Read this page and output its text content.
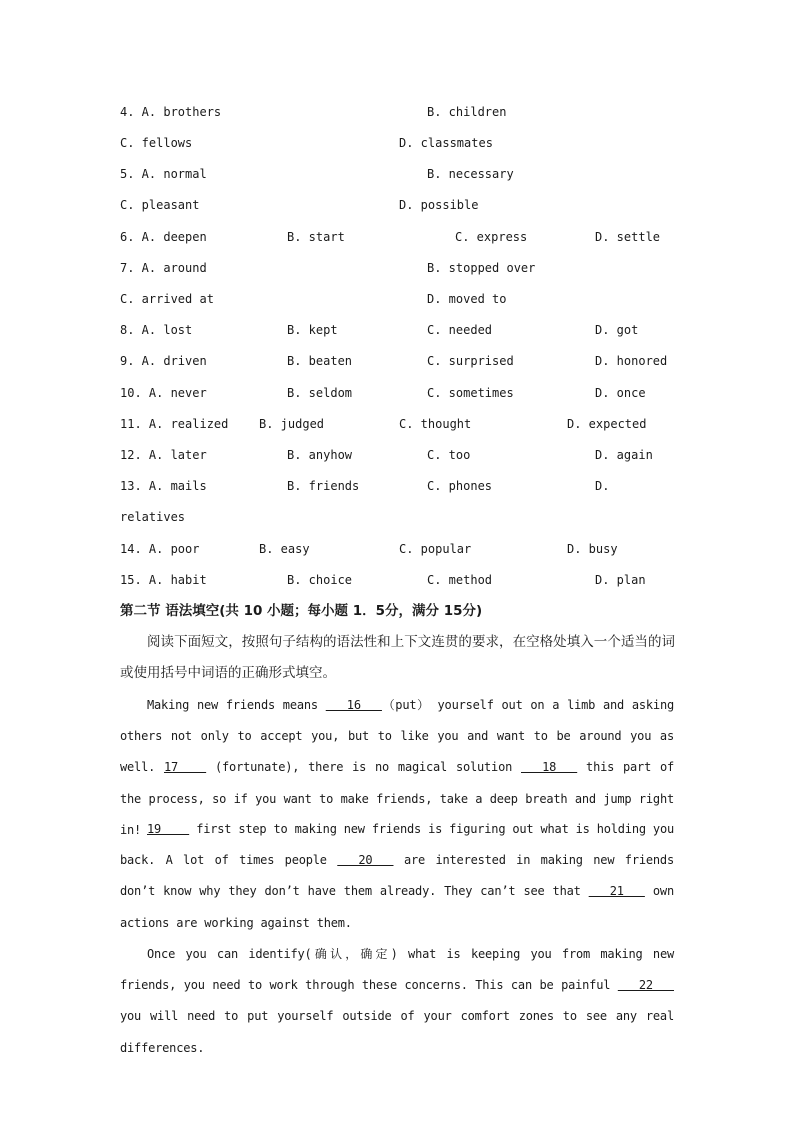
4. A. brothers	B. children
C. fellows	D. classmates
5. A. normal	B. necessary
C. pleasant	D. possible
6. A. deepen	B. start	C. express	D. settle
7. A. around	B. stopped over
C. arrived at	D. moved to
8. A. lost	B. kept	C. needed	D. got
9. A. driven	B. beaten	C. surprised	D. honored
10. A. never	B. seldom	C. sometimes	D. once
11. A. realized	B. judged	C. thought	D. expected
12. A. later	B. anyhow	C. too	D. again
13. A. mails	B. friends	C. phones	D.
relatives
14. A. poor	B. easy	C. popular	D. busy
15. A. habit	B. choice	C. method	D. plan
第二节 语法填空(共 10 小题；每小题 1．5分，满分 15分)
阅读下面短文，按照句子结构的语法性和上下文连贯的要求，在空格处填入一个适当的词或使用括号中词语的正确形式填空。
Making new friends means    16   （put） yourself out on a limb and asking others not only to accept you, but to like you and want to be around you as well. 17     (fortunate), there is no magical solution    18    this part of the process, so if you want to make friends, take a deep breath and jump right in! 19     first step to making new friends is figuring out what is holding you back. A lot of times people    20    are interested in making new friends don’t know why they don’t have them already. They can’t see that    21    own actions are working against them.
Once you can identify(确认，确定) what is keeping you from making new friends, you need to work through these concerns. This can be painful    22    you will need to put yourself outside of your comfort zones to see any real differences.
